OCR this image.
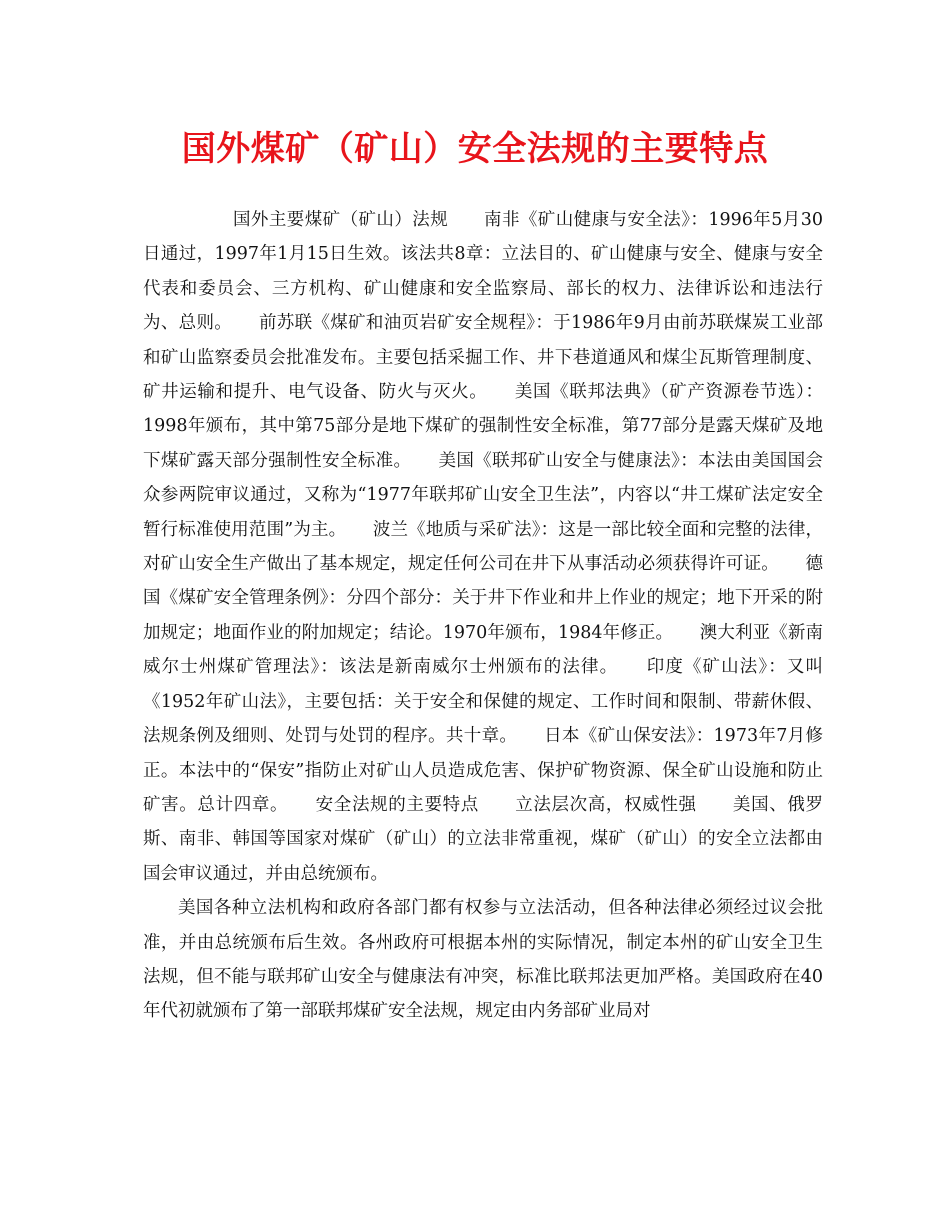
国外煤矿（矿山）安全法规的主要特点

国外主要煤矿（矿山）法规　　南非《矿山健康与安全法》：1996年5月30日通过，1997年1月15日生效。该法共8章：立法目的、矿山健康与安全、健康与安全代表和委员会、三方机构、矿山健康和安全监察局、部长的权力、法律诉讼和违法行为、总则。　　前苏联《煤矿和油页岩矿安全规程》：于1986年9月由前苏联煤炭工业部和矿山监察委员会批准发布。主要包括采掘工作、井下巷道通风和煤尘瓦斯管理制度、矿井运输和提升、电气设备、防火与灭火。　　美国《联邦法典》（矿产资源卷节选）：1998年颁布，其中第75部分是地下煤矿的强制性安全标准，第77部分是露天煤矿及地下煤矿露天部分强制性安全标准。　　美国《联邦矿山安全与健康法》：本法由美国国会众参两院审议通过，又称为“1977年联邦矿山安全卫生法”，内容以“井工煤矿法定安全暂行标准使用范围”为主。　　波兰《地质与采矿法》：这是一部比较全面和完整的法律，对矿山安全生产做出了基本规定，规定任何公司在井下从事活动必须获得许可证。　　德国《煤矿安全管理条例》：分四个部分：关于井下作业和井上作业的规定；地下开采的附加规定；地面作业的附加规定；结论。1970年颁布，1984年修正。　　澳大利亚《新南威尔士州煤矿管理法》：该法是新南威尔士州颁布的法律。　　印度《矿山法》：又叫《1952年矿山法》，主要包括：关于安全和保健的规定、工作时间和限制、带薪休假、法规条例及细则、处罚与处罚的程序。共十章。　　日本《矿山保安法》：1973年7月修正。本法中的“保安”指防止对矿山人员造成危害、保护矿物资源、保全矿山设施和防止矿害。总计四章。　　安全法规的主要特点　　立法层次高，权威性强　　美国、俄罗斯、南非、韩国等国家对煤矿（矿山）的立法非常重视，煤矿（矿山）的安全立法都由国会审议通过，并由总统颁布。

美国各种立法机构和政府各部门都有权参与立法活动，但各种法律必须经过议会批准，并由总统颁布后生效。各州政府可根据本州的实际情况，制定本州的矿山安全卫生法规，但不能与联邦矿山安全与健康法有冲突，标准比联邦法更加严格。美国政府在40年代初就颁布了第一部联邦煤矿安全法规，规定由内务部矿业局对
